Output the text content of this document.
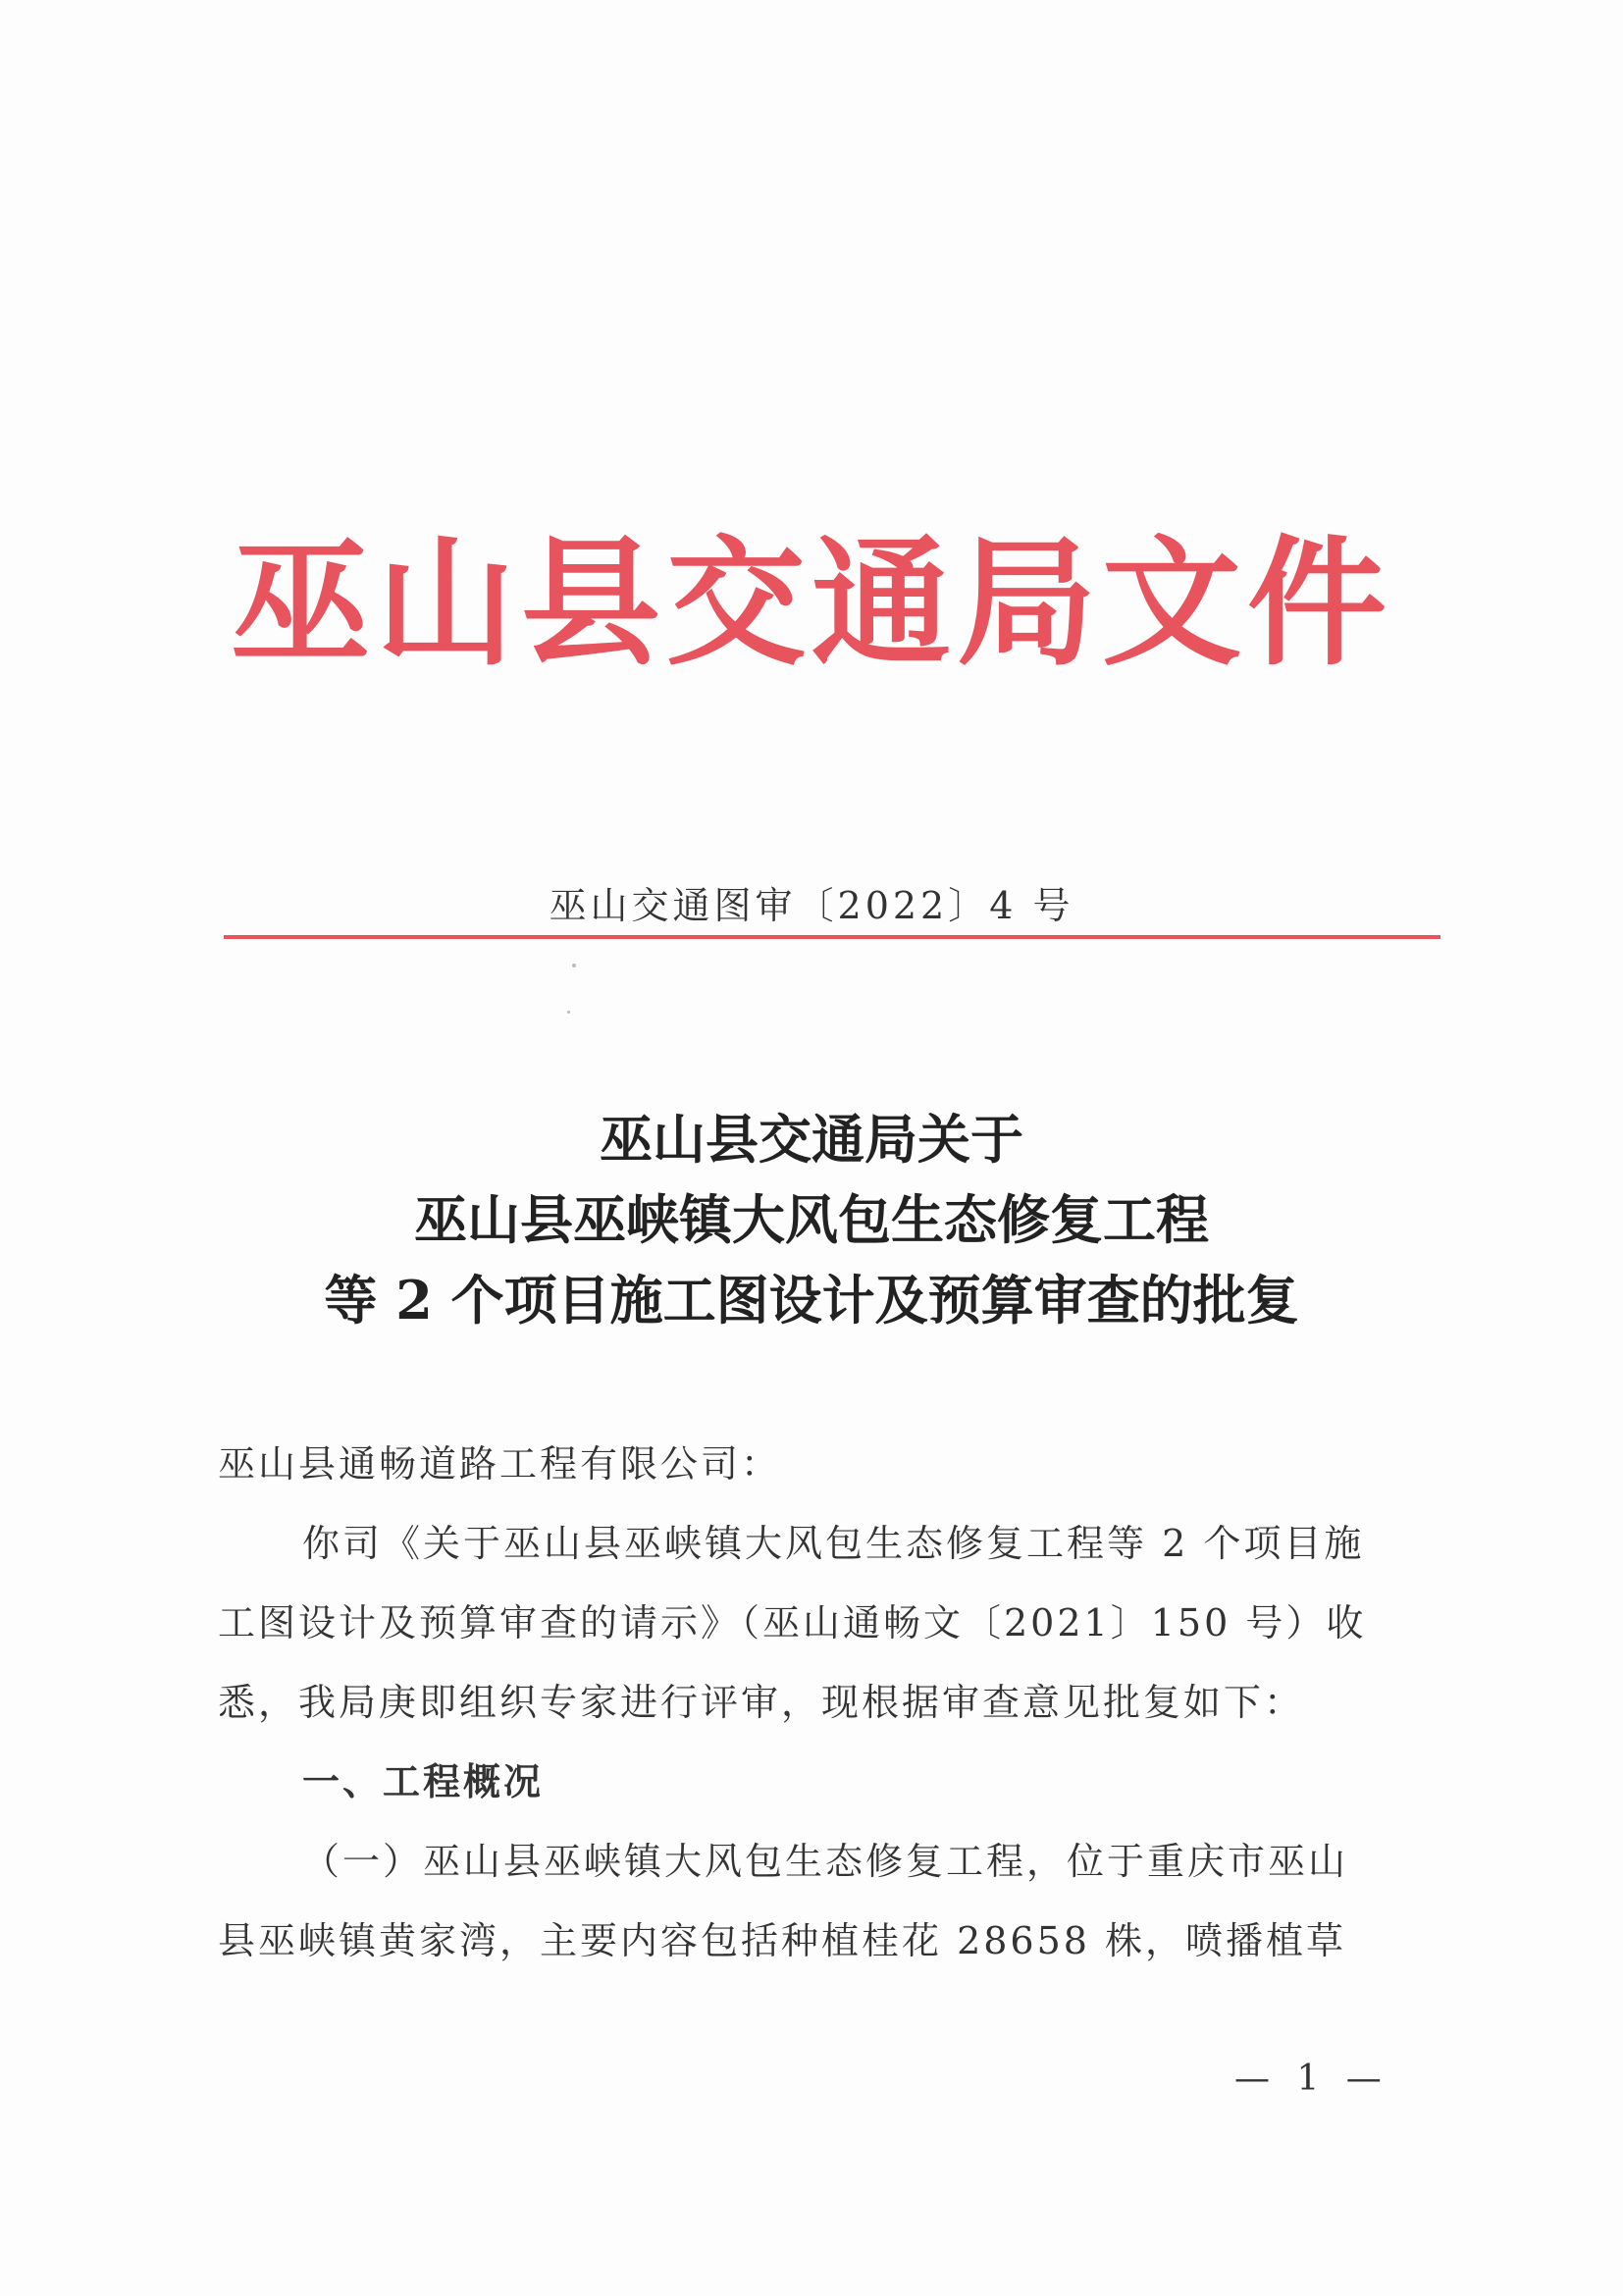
巫山县交通局文件
巫山交通图审〔2022〕4 号
巫山县交通局关于
巫山县巫峡镇大风包生态修复工程
等 2 个项目施工图设计及预算审查的批复
巫山县通畅道路工程有限公司：
你司《关于巫山县巫峡镇大风包生态修复工程等 2 个项目施
工图设计及预算审查的请示》（巫山通畅文〔2021〕150 号）收
悉，我局庚即组织专家进行评审，现根据审查意见批复如下：
一、工程概况
（一）巫山县巫峡镇大风包生态修复工程，位于重庆市巫山
县巫峡镇黄家湾，主要内容包括种植桂花 28658 株，喷播植草
— 1 —
